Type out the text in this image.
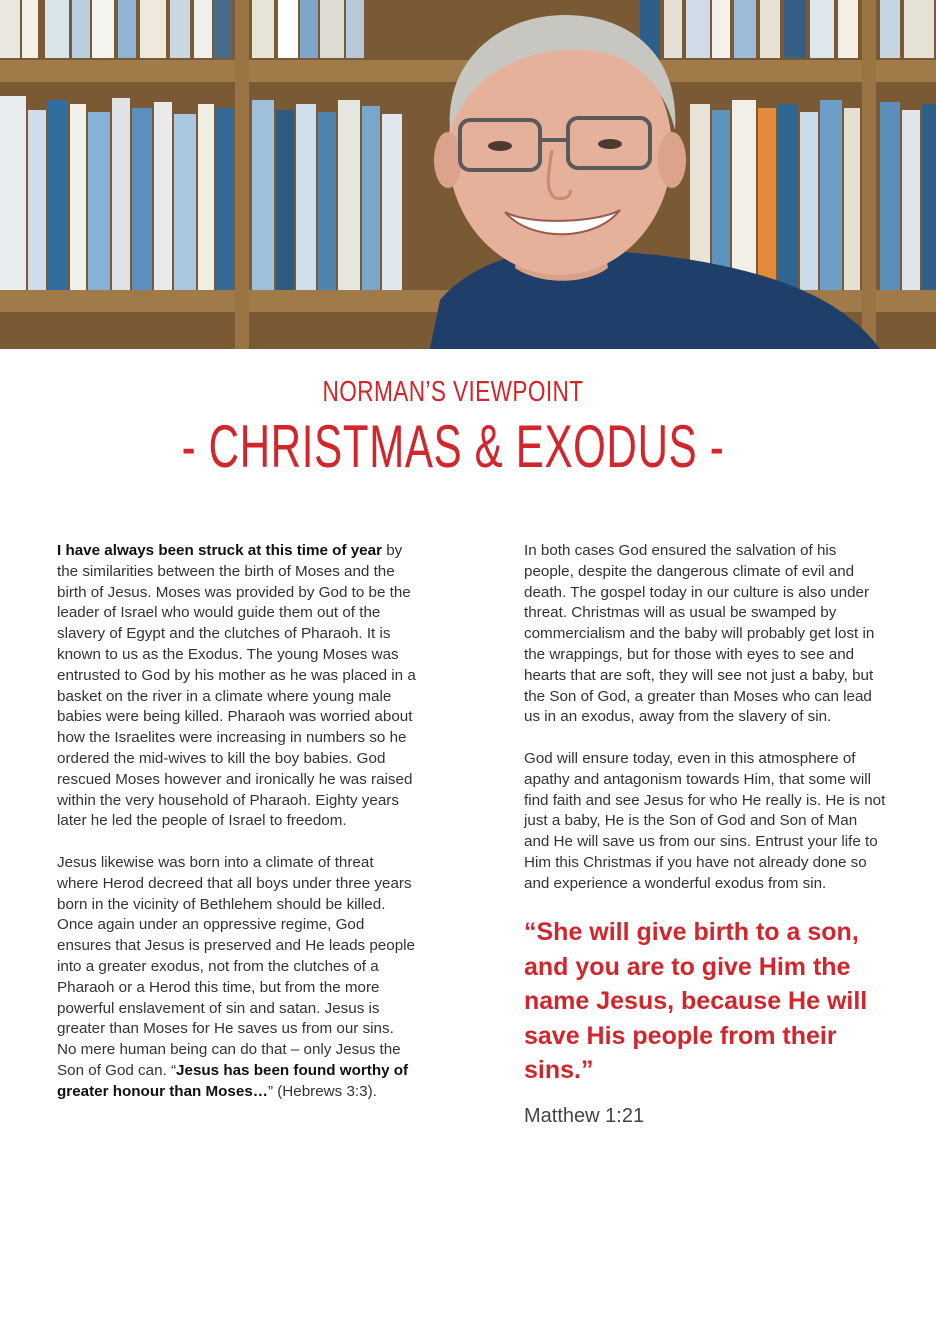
NORMAN’S VIEWPOINT
- CHRISTMAS & EXODUS -

I have always been struck at this time of year by the similarities between the birth of Moses and the birth of Jesus. Moses was provided by God to be the leader of Israel who would guide them out of the slavery of Egypt and the clutches of Pharaoh. It is known to us as the Exodus. The young Moses was entrusted to God by his mother as he was placed in a basket on the river in a climate where young male babies were being killed. Pharaoh was worried about how the Israelites were increasing in numbers so he ordered the mid-wives to kill the boy babies. God rescued Moses however and ironically he was raised within the very household of Pharaoh. Eighty years later he led the people of Israel to freedom.

Jesus likewise was born into a climate of threat where Herod decreed that all boys under three years born in the vicinity of Bethlehem should be killed. Once again under an oppressive regime, God ensures that Jesus is preserved and He leads people into a greater exodus, not from the clutches of a Pharaoh or a Herod this time, but from the more powerful enslavement of sin and satan. Jesus is greater than Moses for He saves us from our sins. No mere human being can do that – only Jesus the Son of God can. “Jesus has been found worthy of greater honour than Moses…” (Hebrews 3:3).

In both cases God ensured the salvation of his people, despite the dangerous climate of evil and death. The gospel today in our culture is also under threat. Christmas will as usual be swamped by commercialism and the baby will probably get lost in the wrappings, but for those with eyes to see and hearts that are soft, they will see not just a baby, but the Son of God, a greater than Moses who can lead us in an exodus, away from the slavery of sin.

God will ensure today, even in this atmosphere of apathy and antagonism towards Him, that some will find faith and see Jesus for who He really is. He is not just a baby, He is the Son of God and Son of Man and He will save us from our sins. Entrust your life to Him this Christmas if you have not already done so and experience a wonderful exodus from sin.

“She will give birth to a son, and you are to give Him the name Jesus, because He will save His people from their sins.”
Matthew 1:21
